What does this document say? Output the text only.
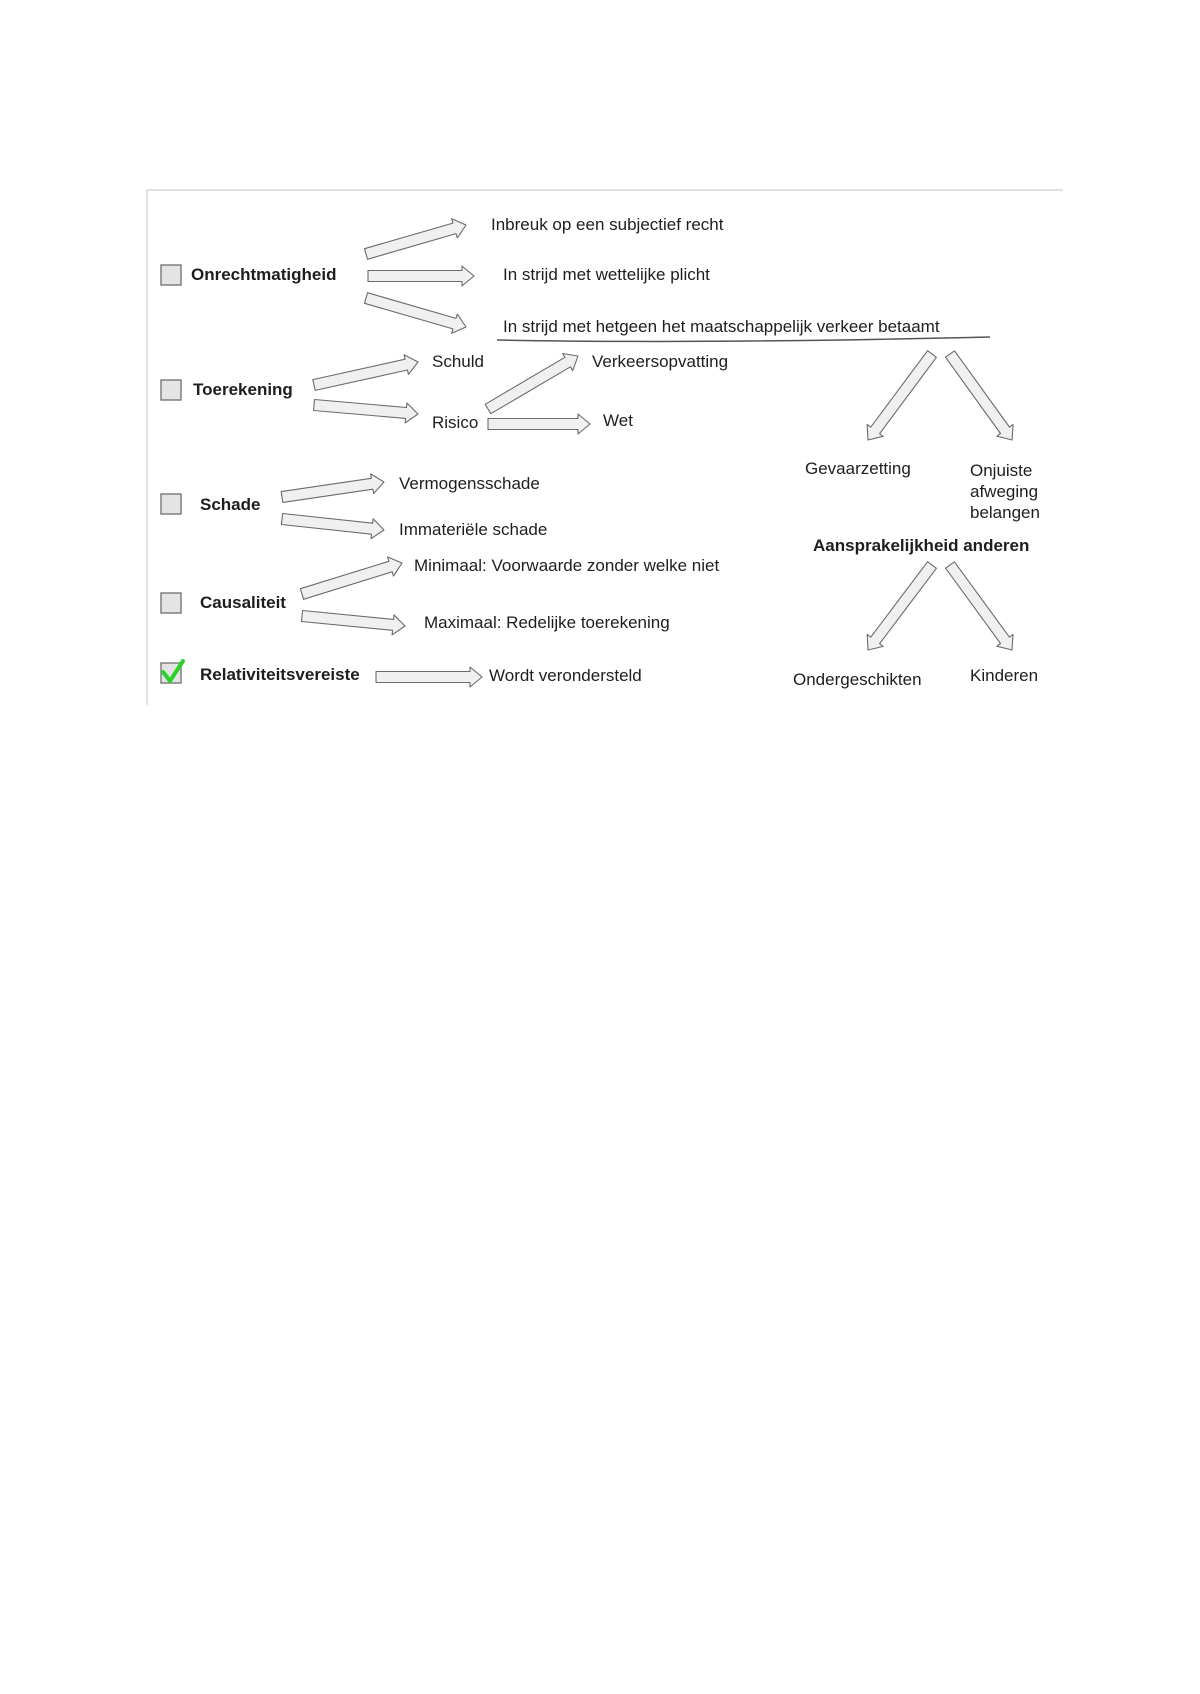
Onrechtmatigheid
Toerekening
Schade
Causaliteit
Relativiteitsvereiste
Inbreuk op een subjectief recht
In strijd met wettelijke plicht
In strijd met hetgeen het maatschappelijk verkeer betaamt
Schuld
Risico
Verkeersopvatting
Wet
Vermogensschade
Immateriële schade
Minimaal: Voorwaarde zonder welke niet
Maximaal: Redelijke toerekening
Wordt verondersteld
Gevaarzetting	Onjuiste
afweging
belangen
Aansprakelijkheid anderen
Ondergeschikten	Kinderen
